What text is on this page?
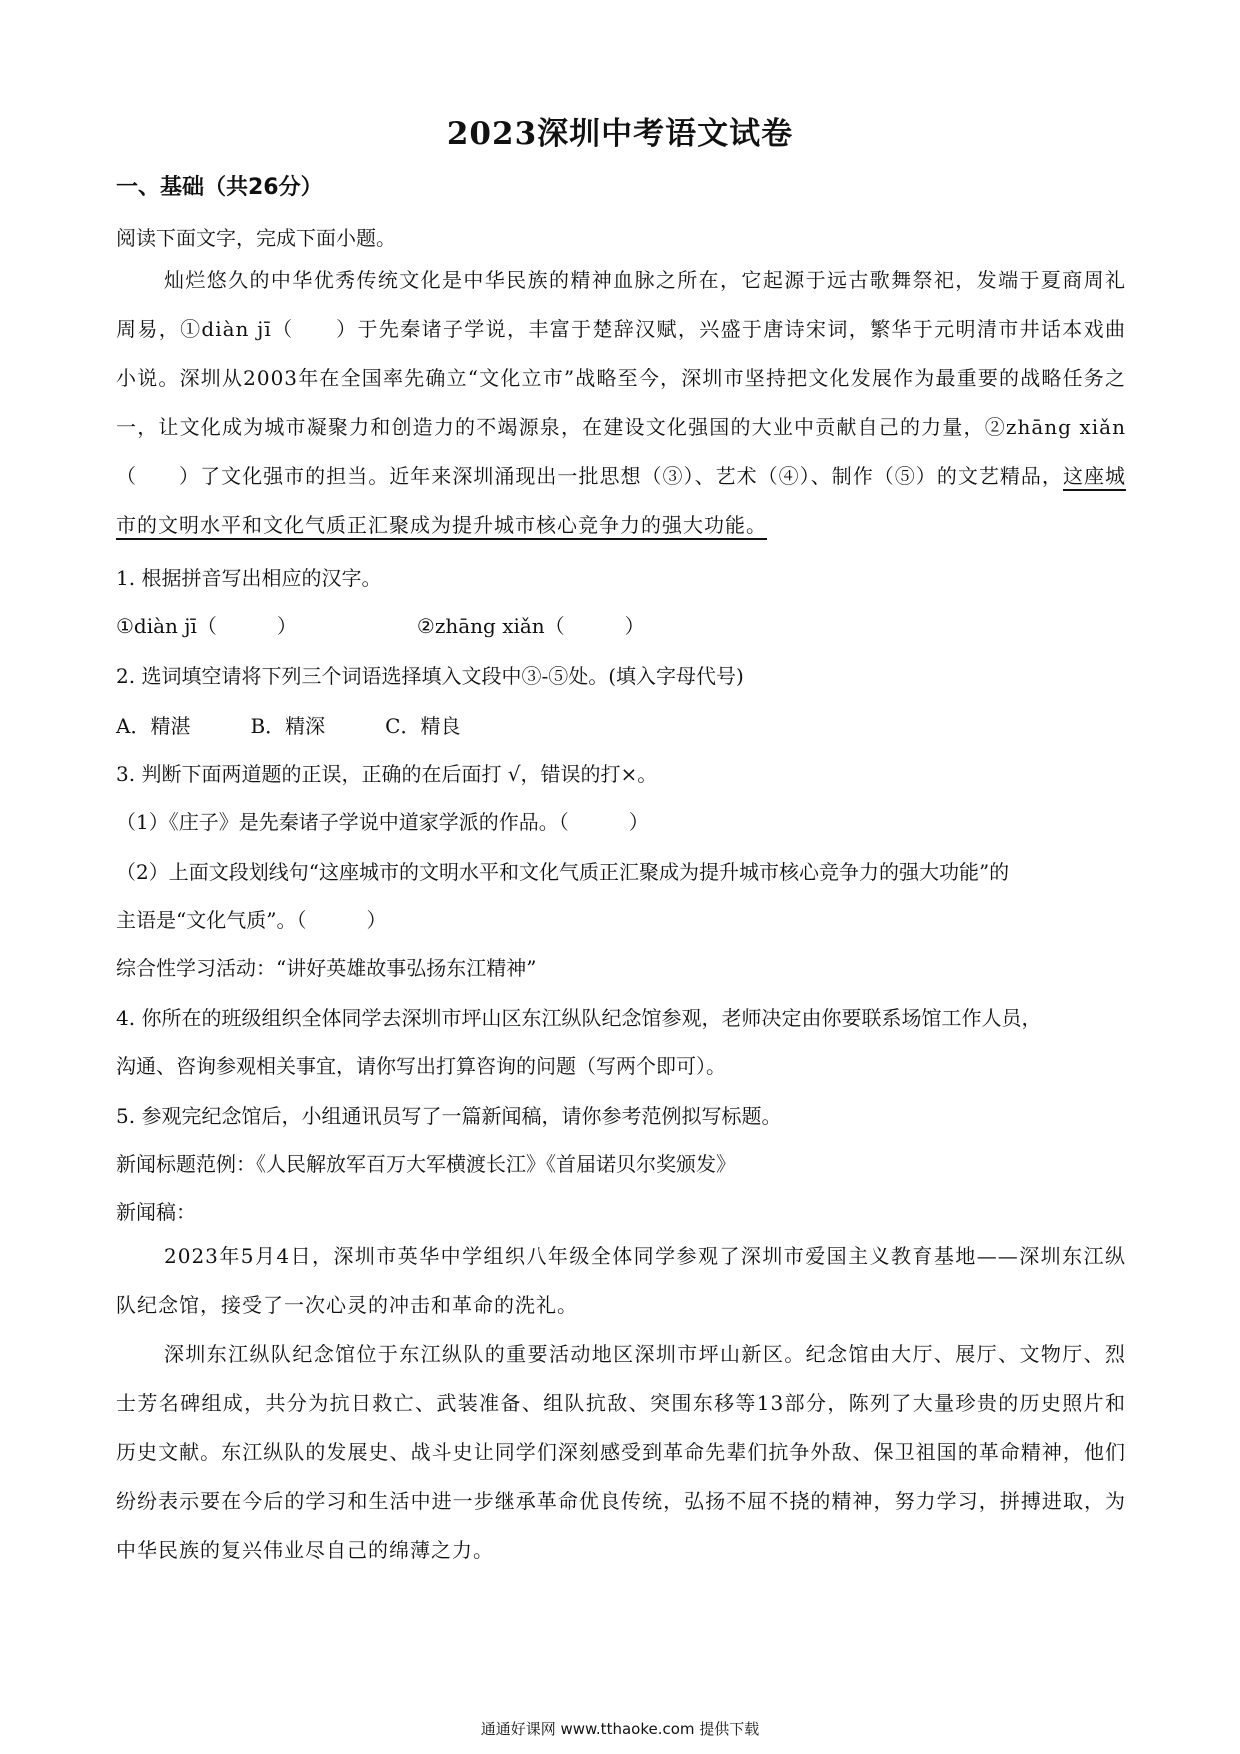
2023深圳中考语文试卷
一、基础（共26分）
阅读下面文字，完成下面小题。
灿烂悠久的中华优秀传统文化是中华民族的精神血脉之所在，它起源于远古歌舞祭祀，发端于夏商周礼周易，①diàn jī（　　）于先秦诸子学说，丰富于楚辞汉赋，兴盛于唐诗宋词，繁华于元明清市井话本戏曲小说。深圳从2003年在全国率先确立“文化立市”战略至今，深圳市坚持把文化发展作为最重要的战略任务之一，让文化成为城市凝聚力和创造力的不竭源泉，在建设文化强国的大业中贡献自己的力量，②zhāng xiǎn（　　）了文化强市的担当。近年来深圳涌现出一批思想（③）、艺术（④）、制作（⑤）的文艺精品，这座城市的文明水平和文化气质正汇聚成为提升城市核心竞争力的强大功能。
1. 根据拼音写出相应的汉字。
①diàn jī（　　　）	②zhāng xiǎn（　　　）
2. 选词填空请将下列三个词语选择填入文段中③-⑤处。(填入字母代号)
A．精湛	B．精深	C．精良
3. 判断下面两道题的正误，正确的在后面打 √，错误的打×。
（1）《庄子》是先秦诸子学说中道家学派的作品。（　　　）
（2）上面文段划线句“这座城市的文明水平和文化气质正汇聚成为提升城市核心竞争力的强大功能”的
主语是“文化气质”。（　　　）
综合性学习活动：“讲好英雄故事弘扬东江精神”
4. 你所在的班级组织全体同学去深圳市坪山区东江纵队纪念馆参观，老师决定由你要联系场馆工作人员，
沟通、咨询参观相关事宜，请你写出打算咨询的问题（写两个即可）。
5. 参观完纪念馆后，小组通讯员写了一篇新闻稿，请你参考范例拟写标题。
新闻标题范例：《人民解放军百万大军横渡长江》《首届诺贝尔奖颁发》
新闻稿：
2023年5月4日，深圳市英华中学组织八年级全体同学参观了深圳市爱国主义教育基地——深圳东江纵队纪念馆，接受了一次心灵的冲击和革命的洗礼。
深圳东江纵队纪念馆位于东江纵队的重要活动地区深圳市坪山新区。纪念馆由大厅、展厅、文物厅、烈士芳名碑组成，共分为抗日救亡、武装准备、组队抗敌、突围东移等13部分，陈列了大量珍贵的历史照片和历史文献。东江纵队的发展史、战斗史让同学们深刻感受到革命先辈们抗争外敌、保卫祖国的革命精神，他们纷纷表示要在今后的学习和生活中进一步继承革命优良传统，弘扬不屈不挠的精神，努力学习，拼搏进取，为中华民族的复兴伟业尽自己的绵薄之力。
通通好课网 www.tthaoke.com 提供下载
